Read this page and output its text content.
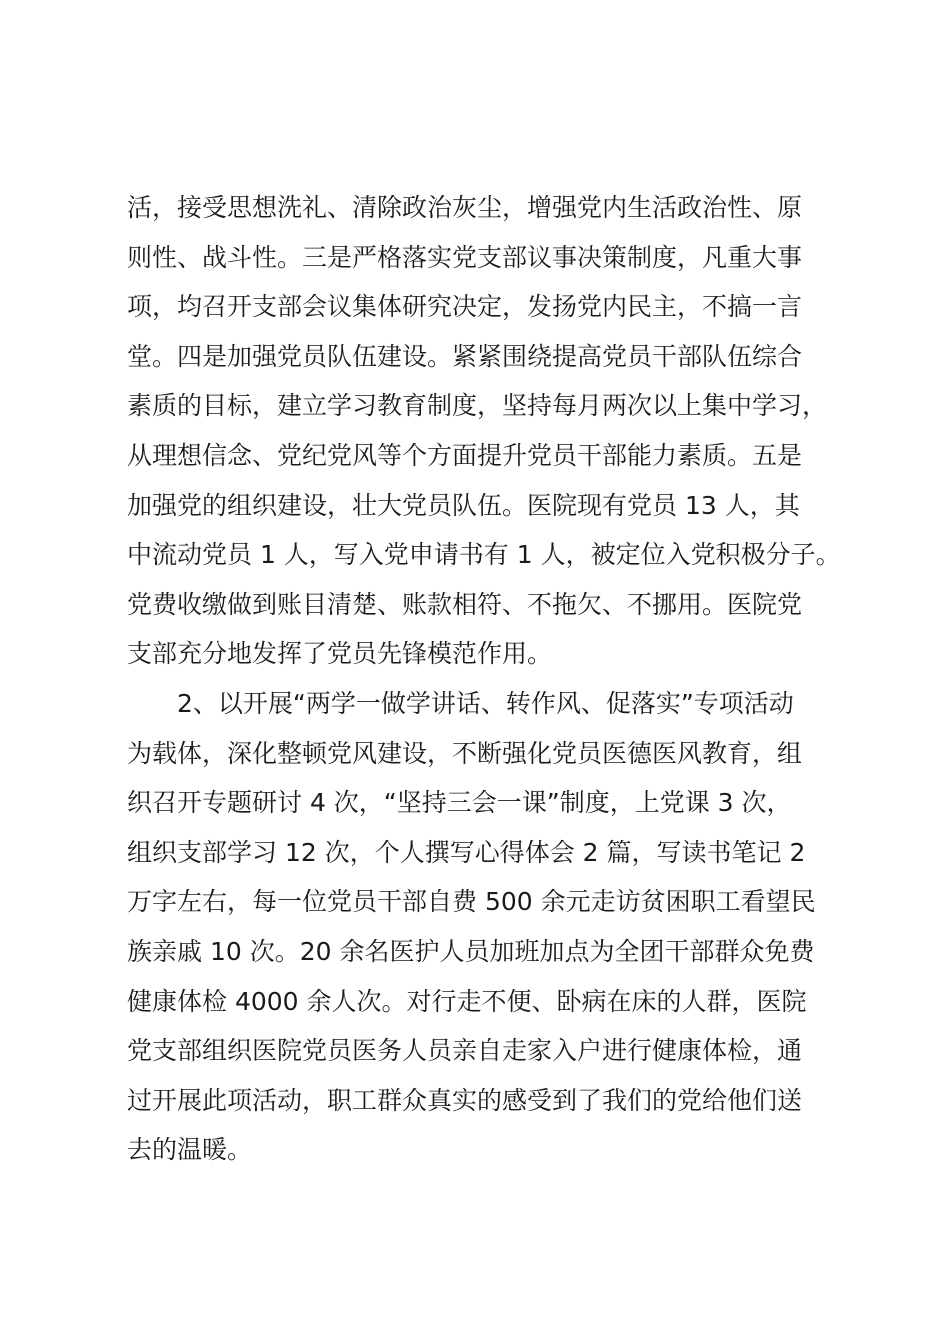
活，接受思想洗礼、清除政治灰尘，增强党内生活政治性、原
则性、战斗性。三是严格落实党支部议事决策制度，凡重大事
项，均召开支部会议集体研究决定，发扬党内民主，不搞一言
堂。四是加强党员队伍建设。紧紧围绕提高党员干部队伍综合
素质的目标，建立学习教育制度，坚持每月两次以上集中学习，
从理想信念、党纪党风等个方面提升党员干部能力素质。五是
加强党的组织建设，壮大党员队伍。医院现有党员 13 人，其
中流动党员 1 人，写入党申请书有 1 人，被定位入党积极分子。
党费收缴做到账目清楚、账款相符、不拖欠、不挪用。医院党
支部充分地发挥了党员先锋模范作用。
2、以开展“两学一做学讲话、转作风、促落实”专项活动
为载体，深化整顿党风建设，不断强化党员医德医风教育，组
织召开专题研讨 4 次，“坚持三会一课”制度，上党课 3 次，
组织支部学习 12 次，个人撰写心得体会 2 篇，写读书笔记 2
万字左右，每一位党员干部自费 500 余元走访贫困职工看望民
族亲戚 10 次。20 余名医护人员加班加点为全团干部群众免费
健康体检 4000 余人次。对行走不便、卧病在床的人群，医院
党支部组织医院党员医务人员亲自走家入户进行健康体检，通
过开展此项活动，职工群众真实的感受到了我们的党给他们送
去的温暖。
